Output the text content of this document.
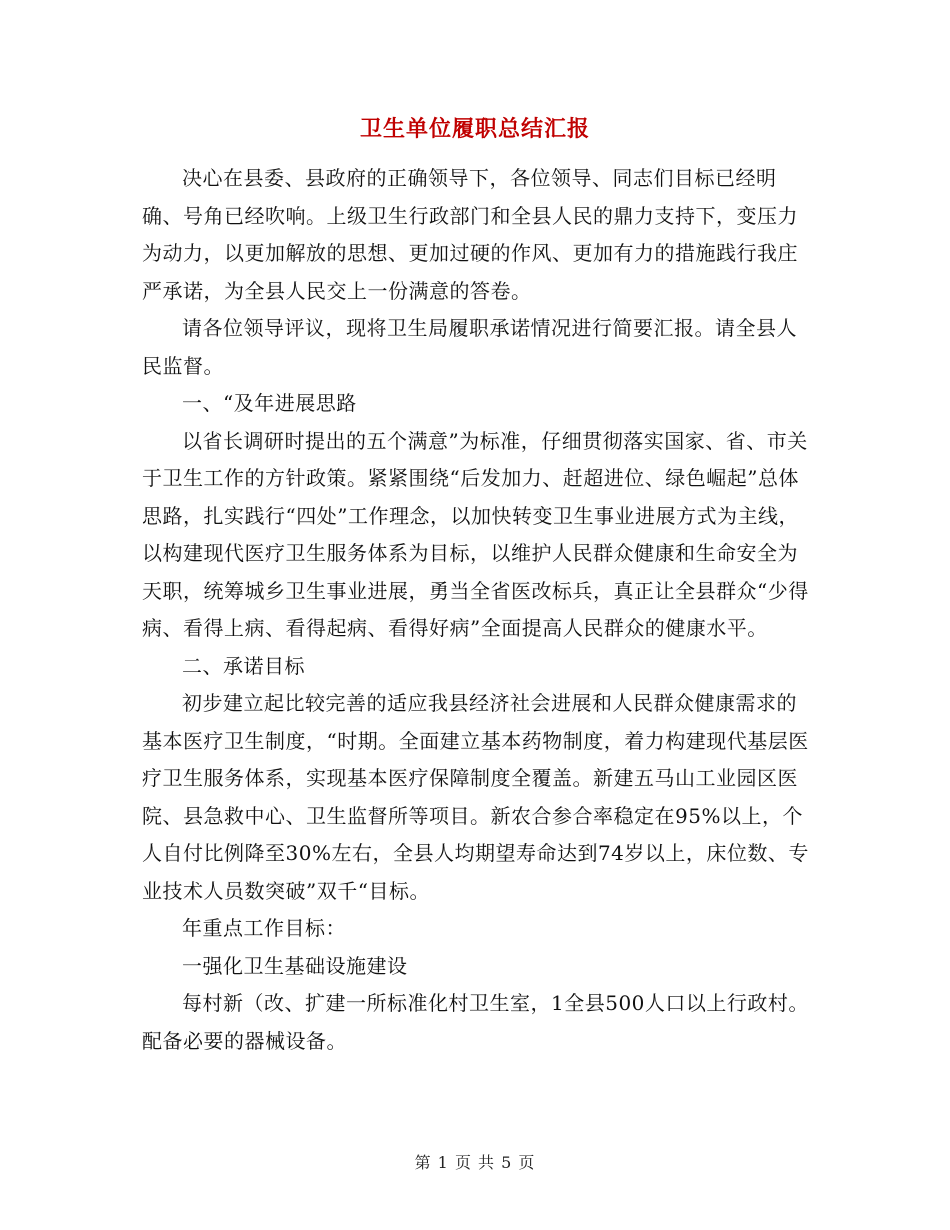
卫生单位履职总结汇报

决心在县委、县政府的正确领导下，各位领导、同志们目标已经明确、号角已经吹响。上级卫生行政部门和全县人民的鼎力支持下，变压力为动力，以更加解放的思想、更加过硬的作风、更加有力的措施践行我庄严承诺，为全县人民交上一份满意的答卷。

请各位领导评议，现将卫生局履职承诺情况进行简要汇报。请全县人民监督。

一、“及年进展思路

以省长调研时提出的五个满意”为标准，仔细贯彻落实国家、省、市关于卫生工作的方针政策。紧紧围绕“后发加力、赶超进位、绿色崛起”总体思路，扎实践行“四处”工作理念，以加快转变卫生事业进展方式为主线，以构建现代医疗卫生服务体系为目标，以维护人民群众健康和生命安全为天职，统筹城乡卫生事业进展，勇当全省医改标兵，真正让全县群众“少得病、看得上病、看得起病、看得好病”全面提高人民群众的健康水平。

二、承诺目标

初步建立起比较完善的适应我县经济社会进展和人民群众健康需求的基本医疗卫生制度，“时期。全面建立基本药物制度，着力构建现代基层医疗卫生服务体系，实现基本医疗保障制度全覆盖。新建五马山工业园区医院、县急救中心、卫生监督所等项目。新农合参合率稳定在95%以上，个人自付比例降至30%左右，全县人均期望寿命达到74岁以上，床位数、专业技术人员数突破”双千“目标。

年重点工作目标：

一强化卫生基础设施建设

每村新（改、扩建一所标准化村卫生室，1全县500人口以上行政村。配备必要的器械设备。

第 1 页 共 5 页
